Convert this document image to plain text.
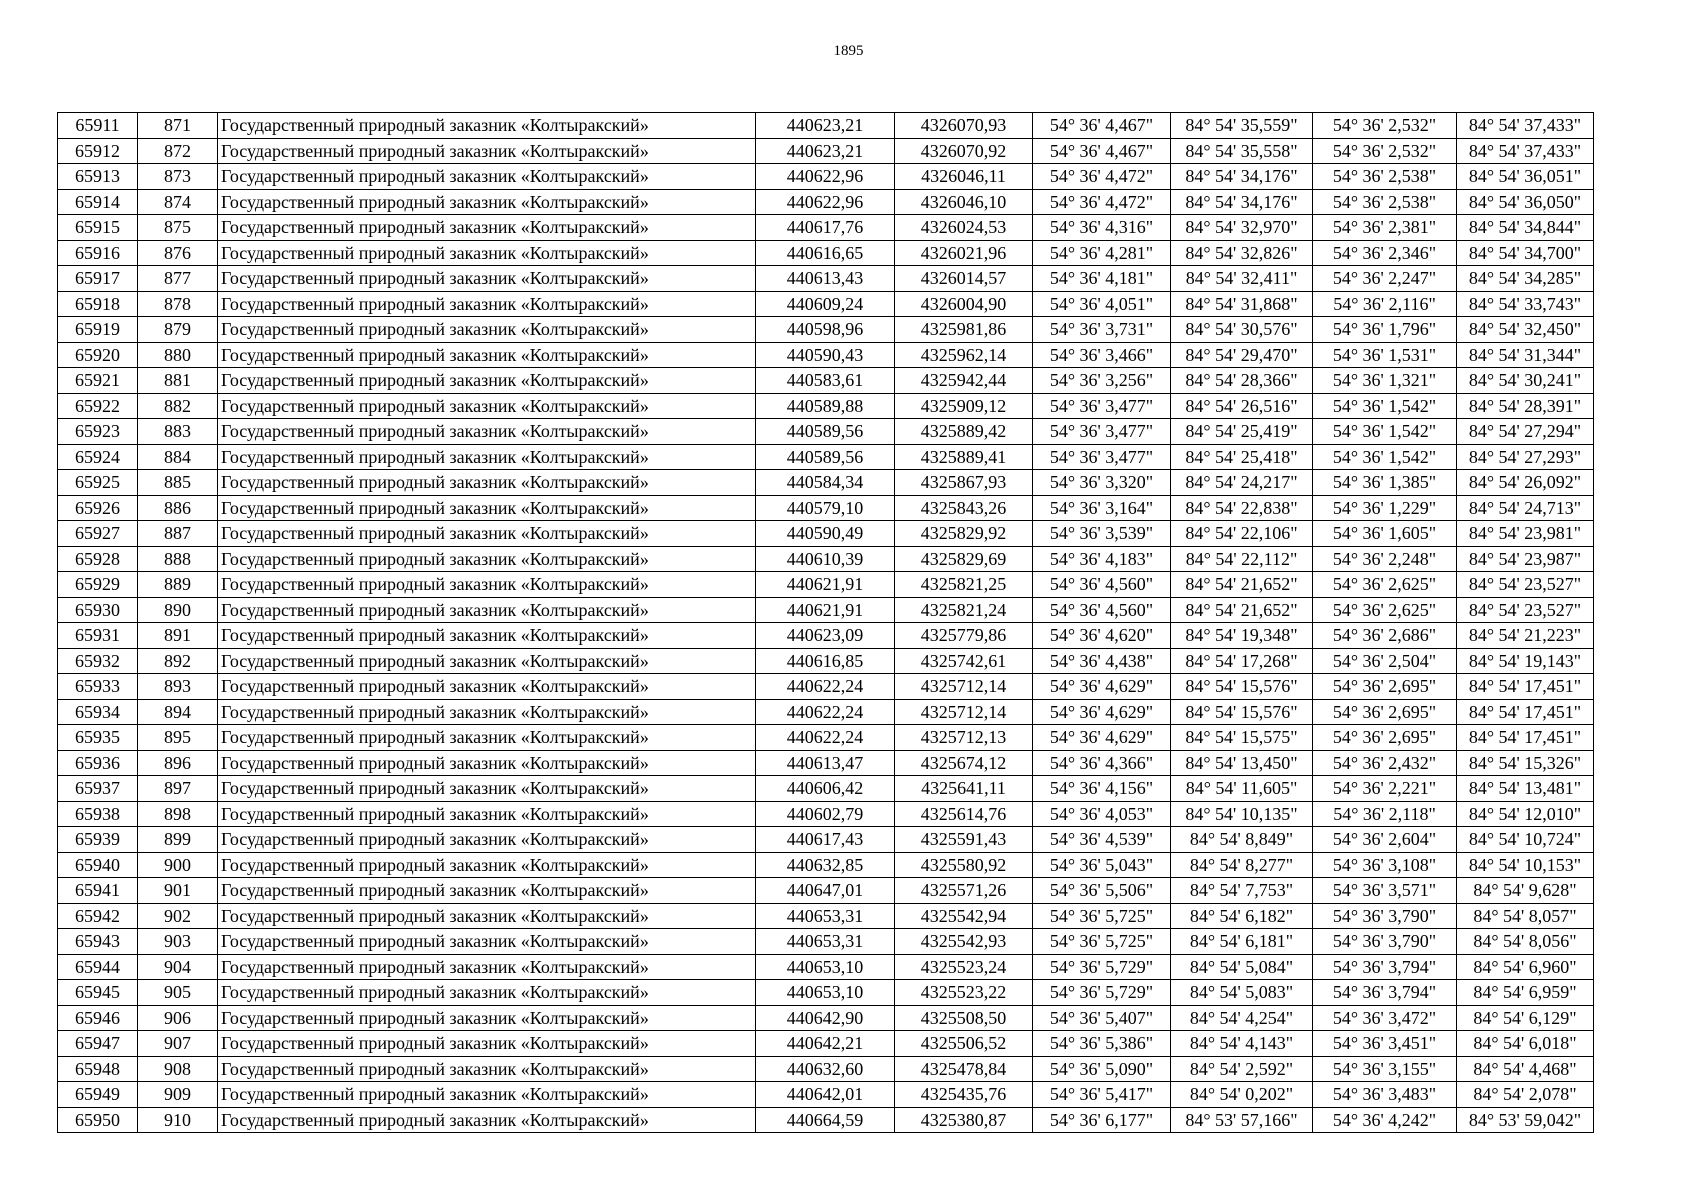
1895
65911	871	Государственный природный заказник «Колтыракский»	440623,21	4326070,93	54° 36' 4,467"	84° 54' 35,559"	54° 36' 2,532"	84° 54' 37,433"
65912	872	Государственный природный заказник «Колтыракский»	440623,21	4326070,92	54° 36' 4,467"	84° 54' 35,558"	54° 36' 2,532"	84° 54' 37,433"
65913	873	Государственный природный заказник «Колтыракский»	440622,96	4326046,11	54° 36' 4,472"	84° 54' 34,176"	54° 36' 2,538"	84° 54' 36,051"
65914	874	Государственный природный заказник «Колтыракский»	440622,96	4326046,10	54° 36' 4,472"	84° 54' 34,176"	54° 36' 2,538"	84° 54' 36,050"
65915	875	Государственный природный заказник «Колтыракский»	440617,76	4326024,53	54° 36' 4,316"	84° 54' 32,970"	54° 36' 2,381"	84° 54' 34,844"
65916	876	Государственный природный заказник «Колтыракский»	440616,65	4326021,96	54° 36' 4,281"	84° 54' 32,826"	54° 36' 2,346"	84° 54' 34,700"
65917	877	Государственный природный заказник «Колтыракский»	440613,43	4326014,57	54° 36' 4,181"	84° 54' 32,411"	54° 36' 2,247"	84° 54' 34,285"
65918	878	Государственный природный заказник «Колтыракский»	440609,24	4326004,90	54° 36' 4,051"	84° 54' 31,868"	54° 36' 2,116"	84° 54' 33,743"
65919	879	Государственный природный заказник «Колтыракский»	440598,96	4325981,86	54° 36' 3,731"	84° 54' 30,576"	54° 36' 1,796"	84° 54' 32,450"
65920	880	Государственный природный заказник «Колтыракский»	440590,43	4325962,14	54° 36' 3,466"	84° 54' 29,470"	54° 36' 1,531"	84° 54' 31,344"
65921	881	Государственный природный заказник «Колтыракский»	440583,61	4325942,44	54° 36' 3,256"	84° 54' 28,366"	54° 36' 1,321"	84° 54' 30,241"
65922	882	Государственный природный заказник «Колтыракский»	440589,88	4325909,12	54° 36' 3,477"	84° 54' 26,516"	54° 36' 1,542"	84° 54' 28,391"
65923	883	Государственный природный заказник «Колтыракский»	440589,56	4325889,42	54° 36' 3,477"	84° 54' 25,419"	54° 36' 1,542"	84° 54' 27,294"
65924	884	Государственный природный заказник «Колтыракский»	440589,56	4325889,41	54° 36' 3,477"	84° 54' 25,418"	54° 36' 1,542"	84° 54' 27,293"
65925	885	Государственный природный заказник «Колтыракский»	440584,34	4325867,93	54° 36' 3,320"	84° 54' 24,217"	54° 36' 1,385"	84° 54' 26,092"
65926	886	Государственный природный заказник «Колтыракский»	440579,10	4325843,26	54° 36' 3,164"	84° 54' 22,838"	54° 36' 1,229"	84° 54' 24,713"
65927	887	Государственный природный заказник «Колтыракский»	440590,49	4325829,92	54° 36' 3,539"	84° 54' 22,106"	54° 36' 1,605"	84° 54' 23,981"
65928	888	Государственный природный заказник «Колтыракский»	440610,39	4325829,69	54° 36' 4,183"	84° 54' 22,112"	54° 36' 2,248"	84° 54' 23,987"
65929	889	Государственный природный заказник «Колтыракский»	440621,91	4325821,25	54° 36' 4,560"	84° 54' 21,652"	54° 36' 2,625"	84° 54' 23,527"
65930	890	Государственный природный заказник «Колтыракский»	440621,91	4325821,24	54° 36' 4,560"	84° 54' 21,652"	54° 36' 2,625"	84° 54' 23,527"
65931	891	Государственный природный заказник «Колтыракский»	440623,09	4325779,86	54° 36' 4,620"	84° 54' 19,348"	54° 36' 2,686"	84° 54' 21,223"
65932	892	Государственный природный заказник «Колтыракский»	440616,85	4325742,61	54° 36' 4,438"	84° 54' 17,268"	54° 36' 2,504"	84° 54' 19,143"
65933	893	Государственный природный заказник «Колтыракский»	440622,24	4325712,14	54° 36' 4,629"	84° 54' 15,576"	54° 36' 2,695"	84° 54' 17,451"
65934	894	Государственный природный заказник «Колтыракский»	440622,24	4325712,14	54° 36' 4,629"	84° 54' 15,576"	54° 36' 2,695"	84° 54' 17,451"
65935	895	Государственный природный заказник «Колтыракский»	440622,24	4325712,13	54° 36' 4,629"	84° 54' 15,575"	54° 36' 2,695"	84° 54' 17,451"
65936	896	Государственный природный заказник «Колтыракский»	440613,47	4325674,12	54° 36' 4,366"	84° 54' 13,450"	54° 36' 2,432"	84° 54' 15,326"
65937	897	Государственный природный заказник «Колтыракский»	440606,42	4325641,11	54° 36' 4,156"	84° 54' 11,605"	54° 36' 2,221"	84° 54' 13,481"
65938	898	Государственный природный заказник «Колтыракский»	440602,79	4325614,76	54° 36' 4,053"	84° 54' 10,135"	54° 36' 2,118"	84° 54' 12,010"
65939	899	Государственный природный заказник «Колтыракский»	440617,43	4325591,43	54° 36' 4,539"	84° 54' 8,849"	54° 36' 2,604"	84° 54' 10,724"
65940	900	Государственный природный заказник «Колтыракский»	440632,85	4325580,92	54° 36' 5,043"	84° 54' 8,277"	54° 36' 3,108"	84° 54' 10,153"
65941	901	Государственный природный заказник «Колтыракский»	440647,01	4325571,26	54° 36' 5,506"	84° 54' 7,753"	54° 36' 3,571"	84° 54' 9,628"
65942	902	Государственный природный заказник «Колтыракский»	440653,31	4325542,94	54° 36' 5,725"	84° 54' 6,182"	54° 36' 3,790"	84° 54' 8,057"
65943	903	Государственный природный заказник «Колтыракский»	440653,31	4325542,93	54° 36' 5,725"	84° 54' 6,181"	54° 36' 3,790"	84° 54' 8,056"
65944	904	Государственный природный заказник «Колтыракский»	440653,10	4325523,24	54° 36' 5,729"	84° 54' 5,084"	54° 36' 3,794"	84° 54' 6,960"
65945	905	Государственный природный заказник «Колтыракский»	440653,10	4325523,22	54° 36' 5,729"	84° 54' 5,083"	54° 36' 3,794"	84° 54' 6,959"
65946	906	Государственный природный заказник «Колтыракский»	440642,90	4325508,50	54° 36' 5,407"	84° 54' 4,254"	54° 36' 3,472"	84° 54' 6,129"
65947	907	Государственный природный заказник «Колтыракский»	440642,21	4325506,52	54° 36' 5,386"	84° 54' 4,143"	54° 36' 3,451"	84° 54' 6,018"
65948	908	Государственный природный заказник «Колтыракский»	440632,60	4325478,84	54° 36' 5,090"	84° 54' 2,592"	54° 36' 3,155"	84° 54' 4,468"
65949	909	Государственный природный заказник «Колтыракский»	440642,01	4325435,76	54° 36' 5,417"	84° 54' 0,202"	54° 36' 3,483"	84° 54' 2,078"
65950	910	Государственный природный заказник «Колтыракский»	440664,59	4325380,87	54° 36' 6,177"	84° 53' 57,166"	54° 36' 4,242"	84° 53' 59,042"
